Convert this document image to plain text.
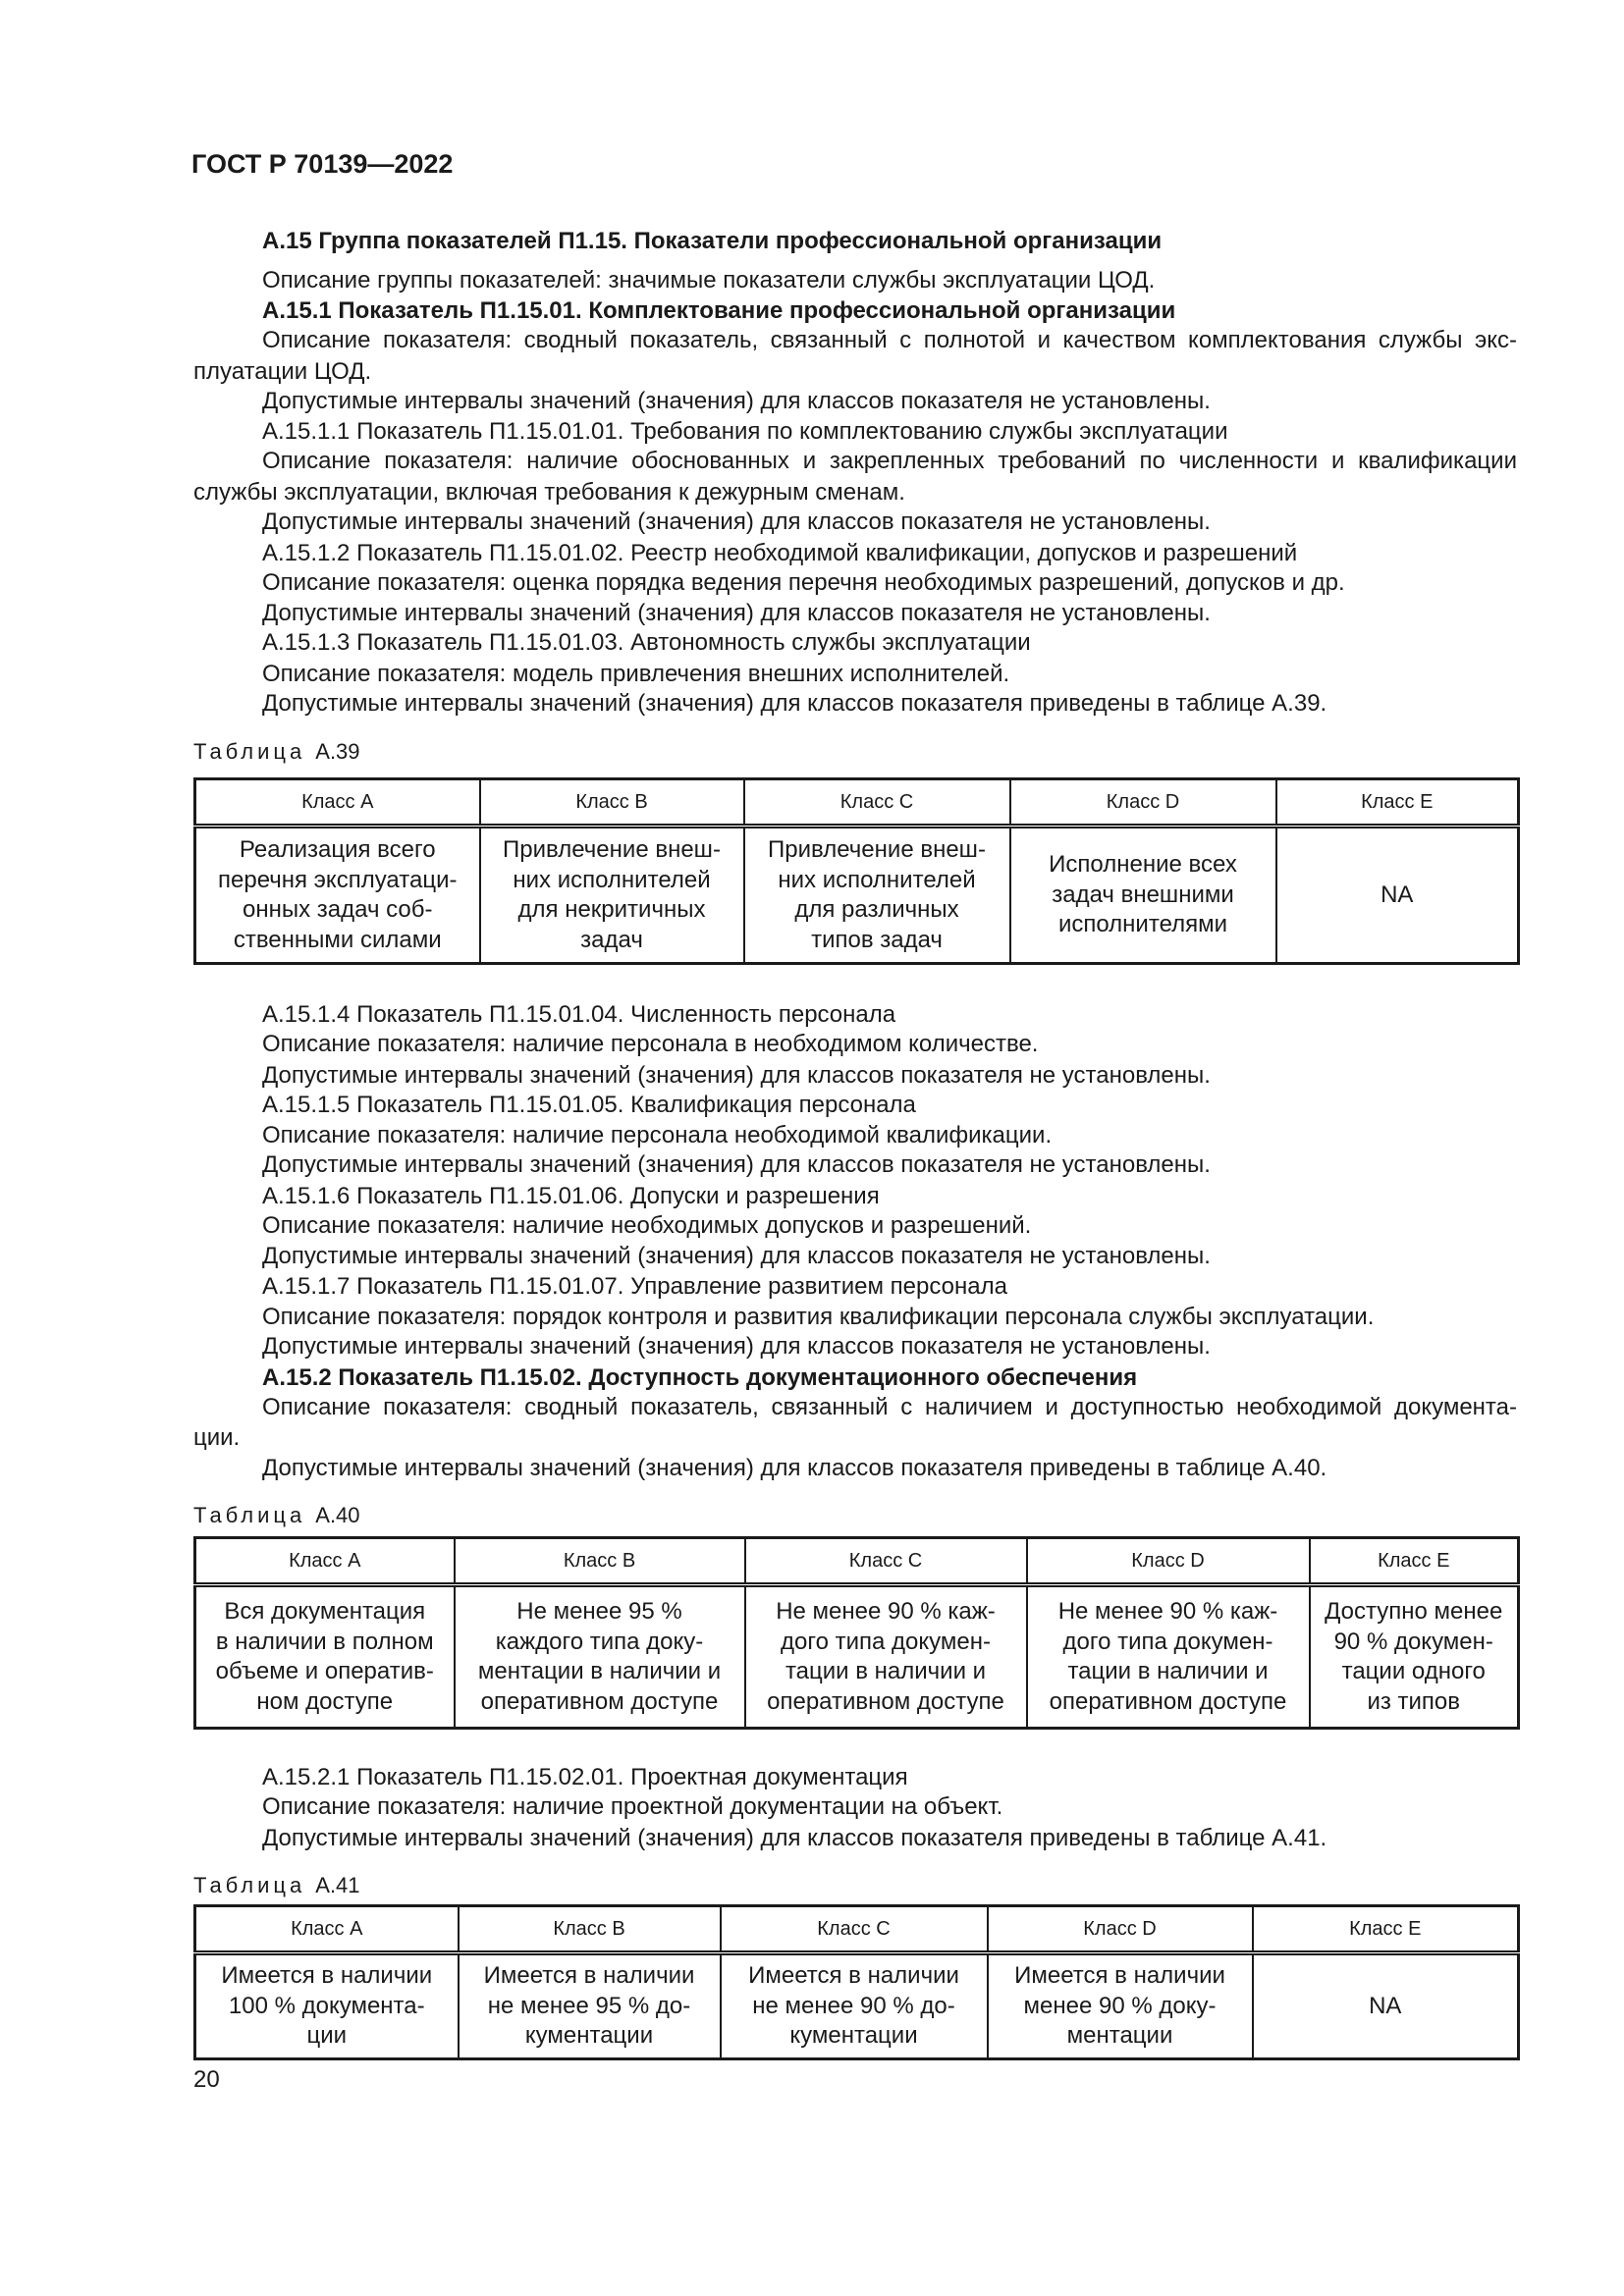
ГОСТ Р 70139—2022
А.15 Группа показателей П1.15. Показатели профессиональной организации
Описание группы показателей: значимые показатели службы эксплуатации ЦОД.
А.15.1 Показатель П1.15.01. Комплектование профессиональной организации
Описание показателя: сводный показатель, связанный с полнотой и качеством комплектования службы экс-
плуатации ЦОД.
Допустимые интервалы значений (значения) для классов показателя не установлены.
А.15.1.1 Показатель П1.15.01.01. Требования по комплектованию службы эксплуатации
Описание показателя: наличие обоснованных и закрепленных требований по численности и квалификации
службы эксплуатации, включая требования к дежурным сменам.
Допустимые интервалы значений (значения) для классов показателя не установлены.
А.15.1.2 Показатель П1.15.01.02. Реестр необходимой квалификации, допусков и разрешений
Описание показателя: оценка порядка ведения перечня необходимых разрешений, допусков и др.
Допустимые интервалы значений (значения) для классов показателя не установлены.
А.15.1.3 Показатель П1.15.01.03. Автономность службы эксплуатации
Описание показателя: модель привлечения внешних исполнителей.
Допустимые интервалы значений (значения) для классов показателя приведены в таблице А.39.
Таблица А.39
Класс A	Класс B	Класс C	Класс D	Класс E
Реализация всего
перечня эксплуатаци-
онных задач соб-
ственными силами	Привлечение внеш-
них исполнителей
для некритичных
задач	Привлечение внеш-
них исполнителей
для различных
типов задач	Исполнение всех
задач внешними
исполнителями	NA
А.15.1.4 Показатель П1.15.01.04. Численность персонала
Описание показателя: наличие персонала в необходимом количестве.
Допустимые интервалы значений (значения) для классов показателя не установлены.
А.15.1.5 Показатель П1.15.01.05. Квалификация персонала
Описание показателя: наличие персонала необходимой квалификации.
Допустимые интервалы значений (значения) для классов показателя не установлены.
А.15.1.6 Показатель П1.15.01.06. Допуски и разрешения
Описание показателя: наличие необходимых допусков и разрешений.
Допустимые интервалы значений (значения) для классов показателя не установлены.
А.15.1.7 Показатель П1.15.01.07. Управление развитием персонала
Описание показателя: порядок контроля и развития квалификации персонала службы эксплуатации.
Допустимые интервалы значений (значения) для классов показателя не установлены.
А.15.2 Показатель П1.15.02. Доступность документационного обеспечения
Описание показателя: сводный показатель, связанный с наличием и доступностью необходимой документа-
ции.
Допустимые интервалы значений (значения) для классов показателя приведены в таблице А.40.
Таблица А.40
Класс A	Класс B	Класс C	Класс D	Класс E
Вся документация
в наличии в полном
объеме и оператив-
ном доступе	Не менее 95 %
каждого типа доку-
ментации в наличии и
оперативном доступе	Не менее 90 % каж-
дого типа докумен-
тации в наличии и
оперативном доступе	Не менее 90 % каж-
дого типа докумен-
тации в наличии и
оперативном доступе	Доступно менее
90 % докумен-
тации одного
из типов
А.15.2.1 Показатель П1.15.02.01. Проектная документация
Описание показателя: наличие проектной документации на объект.
Допустимые интервалы значений (значения) для классов показателя приведены в таблице А.41.
Таблица А.41
Класс A	Класс B	Класс C	Класс D	Класс E
Имеется в наличии
100 % документа-
ции	Имеется в наличии
не менее 95 % до-
кументации	Имеется в наличии
не менее 90 % до-
кументации	Имеется в наличии
менее 90 % доку-
ментации	NA
20
